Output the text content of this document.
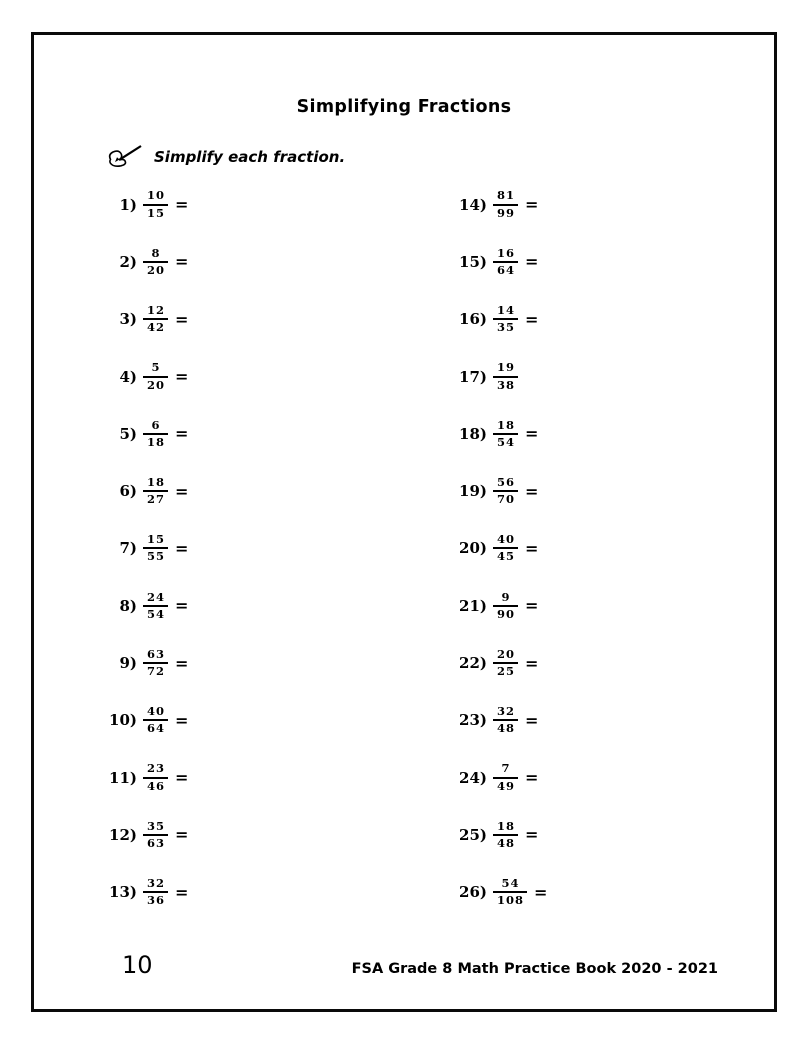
Simplifying Fractions
Simplify each fraction.
$1) \frac{10}{15}$ =
$2) \frac{8}{20}$ =
$3) \frac{12}{42}$ =
$4) \frac{5}{20}$ =
$5) \frac{6}{18}$ =
$6) \frac{18}{27}$ =
$7) \frac{15}{55}$ =
$8) \frac{24}{54}$ =
$9) \frac{63}{72}$ =
$10) \frac{40}{64}$ =
$11) \frac{23}{46}$ =
$12) \frac{35}{63}$ =
$13) \frac{32}{36}$ =
$14) \frac{81}{99}$ =
$15) \frac{16}{64}$ =
$16) \frac{14}{35}$ =
$17) \frac{19}{38}$
$18) \frac{18}{54}$ =
$19) \frac{56}{70}$ =
$20) \frac{40}{45}$ =
$21) \frac{9}{90}$ =
$22) \frac{20}{25}$ =
$23) \frac{32}{48}$ =
$24) \frac{7}{49}$ =
$25) \frac{18}{48}$ =
$26) \frac{54}{108}$ =
10	FSA Grade 8 Math Practice Book 2020 - 2021
